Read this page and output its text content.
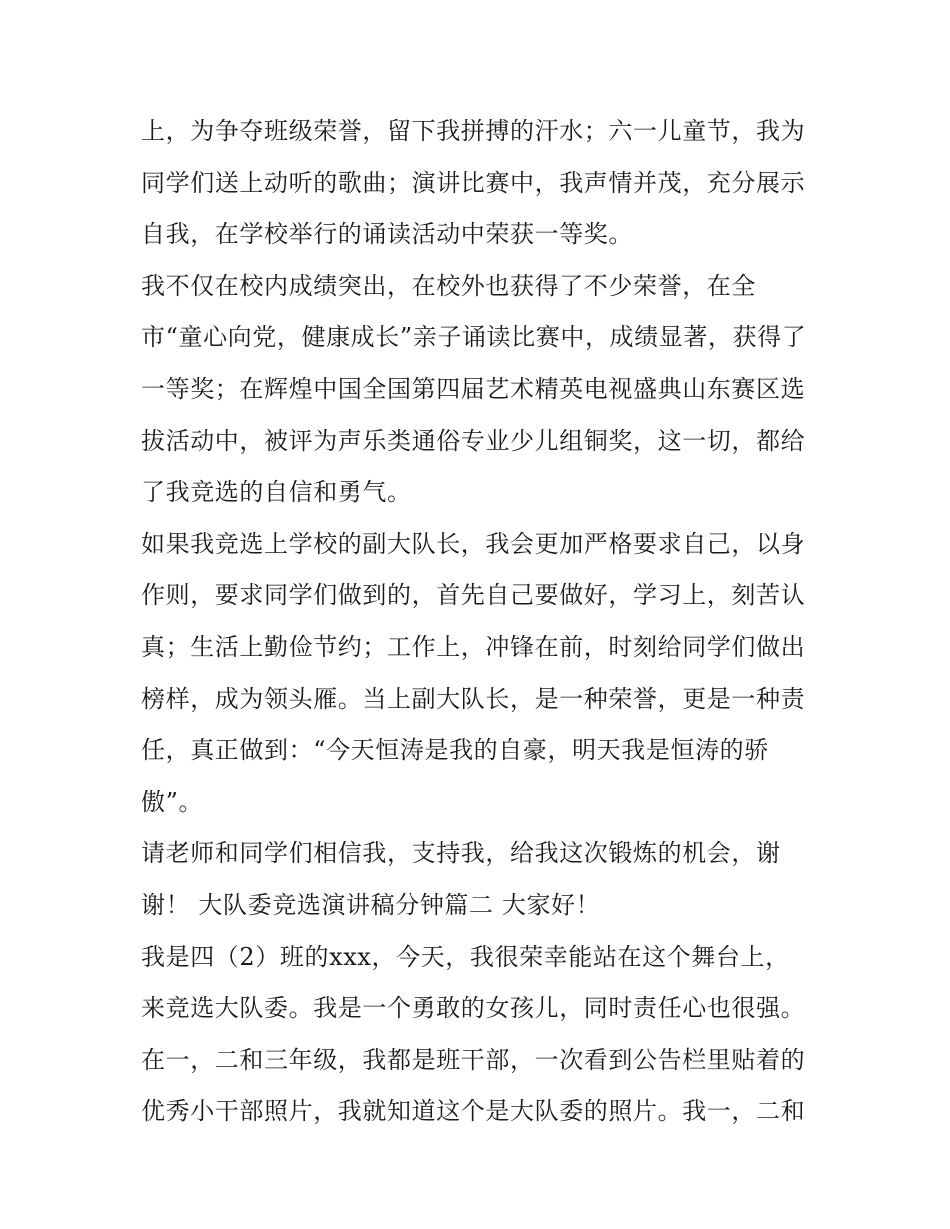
上，为争夺班级荣誉，留下我拼搏的汗水；六一儿童节，我为
同学们送上动听的歌曲；演讲比赛中，我声情并茂，充分展示
自我，在学校举行的诵读活动中荣获一等奖。
我不仅在校内成绩突出，在校外也获得了不少荣誉，在全
市“童心向党，健康成长”亲子诵读比赛中，成绩显著，获得了
一等奖；在辉煌中国全国第四届艺术精英电视盛典山东赛区选
拔活动中，被评为声乐类通俗专业少儿组铜奖，这一切，都给
了我竞选的自信和勇气。
如果我竞选上学校的副大队长，我会更加严格要求自己，以身
作则，要求同学们做到的，首先自己要做好，学习上，刻苦认
真；生活上勤俭节约；工作上，冲锋在前，时刻给同学们做出
榜样，成为领头雁。当上副大队长，是一种荣誉，更是一种责
任，真正做到：“今天恒涛是我的自豪，明天我是恒涛的骄
傲”。
请老师和同学们相信我，支持我，给我这次锻炼的机会，谢
谢！ 大队委竞选演讲稿分钟篇二 大家好！
我是四（2）班的xxx，今天，我很荣幸能站在这个舞台上，
来竞选大队委。我是一个勇敢的女孩儿，同时责任心也很强。
在一，二和三年级，我都是班干部，一次看到公告栏里贴着的
优秀小干部照片，我就知道这个是大队委的照片。我一，二和
